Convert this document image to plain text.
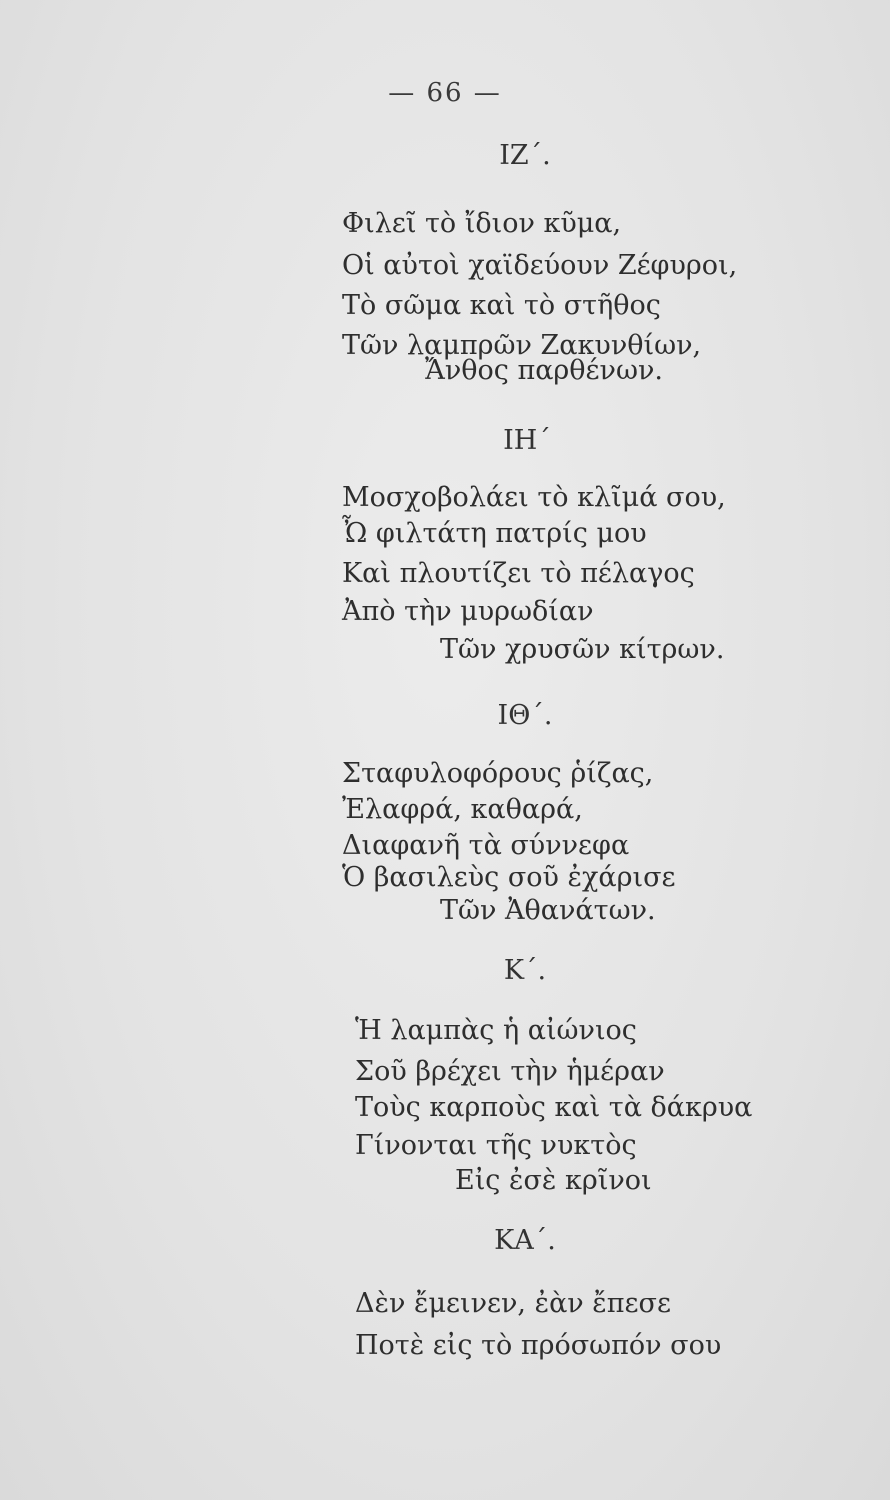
— 66 —
ΙΖ΄.
Φιλεῖ τὸ ἴδιον κῦμα,
Οἱ αὐτοὶ χαϊδεύουν Ζέφυροι,
Τὸ σῶμα καὶ τὸ στῆθος
Τῶν λαμπρῶν Ζακυνθίων,
Ἄνθος παρθένων.
ΙΗ΄
Μοσχοβολάει τὸ κλῖμά σου,
Ὦ φιλτάτη πατρίς μου
Καὶ πλουτίζει τὸ πέλαγος
Ἀπὸ τὴν μυρωδίαν
Τῶν χρυσῶν κίτρων.
ΙΘ΄.
Σταφυλοφόρους ῥίζας,
Ἐλαφρά, καθαρά,
Διαφανῆ τὰ σύννεφα
Ὁ βασιλεὺς σοῦ ἐχάρισε
Τῶν Ἀθανάτων.
Κ΄.
Ἡ λαμπὰς ἡ αἰώνιος
Σοῦ βρέχει τὴν ἡμέραν
Τοὺς καρποὺς καὶ τὰ δάκρυα
Γίνονται τῆς νυκτὸς
Εἰς ἐσὲ κρῖνοι
ΚΑ΄.
Δὲν ἔμεινεν, ἐὰν ἔπεσε
Ποτὲ εἰς τὸ πρόσωπόν σου
